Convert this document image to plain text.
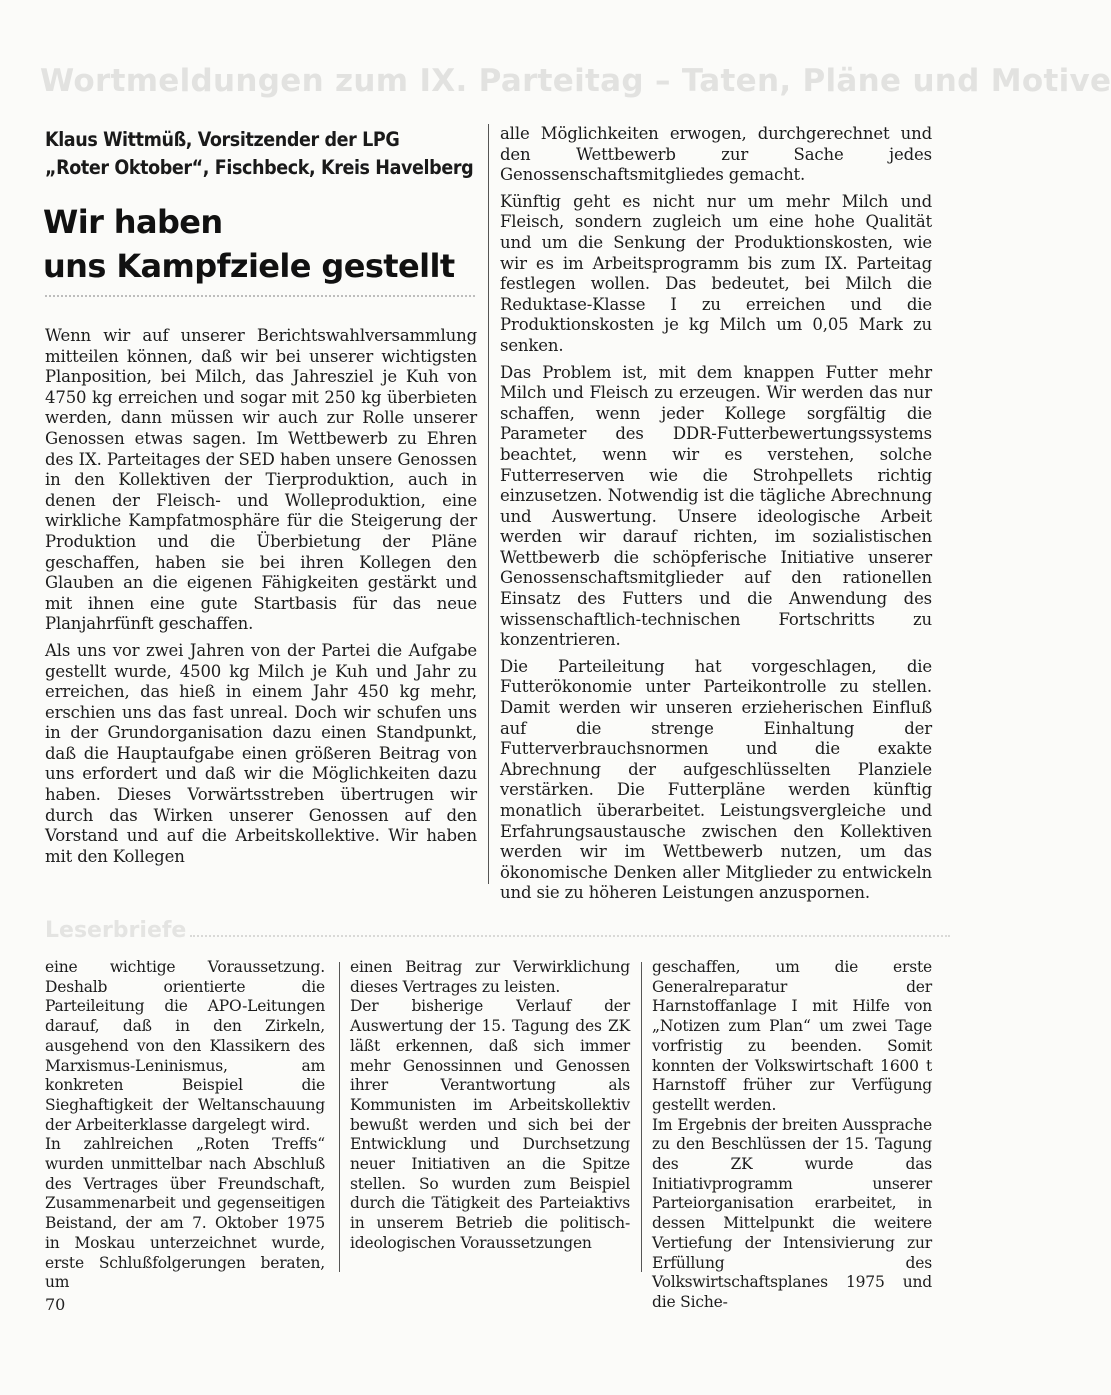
Wortmeldungen zum IX. Parteitag – Taten, Pläne und Motive
Klaus Wittmüß, Vorsitzender der LPG
„Roter Oktober“, Fischbeck, Kreis Havelberg
Wir haben
uns Kampfziele gestellt

Wenn wir auf unserer Berichtswahlversammlung mitteilen können, daß wir bei unserer wichtigsten Planposition, bei Milch, das Jahresziel je Kuh von 4750 kg erreichen und sogar mit 250 kg überbieten werden, dann müssen wir auch zur Rolle unserer Genossen etwas sagen. Im Wettbewerb zu Ehren des IX. Parteitages der SED haben unsere Genossen in den Kollektiven der Tierproduktion, auch in denen der Fleisch- und Wolleproduktion, eine wirkliche Kampfatmosphäre für die Steigerung der Produktion und die Überbietung der Pläne geschaffen, haben sie bei ihren Kollegen den Glauben an die eigenen Fähigkeiten gestärkt und mit ihnen eine gute Startbasis für das neue Planjahrfünft geschaffen.

Als uns vor zwei Jahren von der Partei die Aufgabe gestellt wurde, 4500 kg Milch je Kuh und Jahr zu erreichen, das hieß in einem Jahr 450 kg mehr, erschien uns das fast unreal. Doch wir schufen uns in der Grundorganisation dazu einen Standpunkt, daß die Hauptaufgabe einen größeren Beitrag von uns erfordert und daß wir die Möglichkeiten dazu haben. Dieses Vorwärtsstreben übertrugen wir durch das Wirken unserer Genossen auf den Vorstand und auf die Arbeitskollektive. Wir haben mit den Kollegen

alle Möglichkeiten erwogen, durchgerechnet und den Wettbewerb zur Sache jedes Genossenschaftsmitgliedes gemacht.

Künftig geht es nicht nur um mehr Milch und Fleisch, sondern zugleich um eine hohe Qualität und um die Senkung der Produktionskosten, wie wir es im Arbeitsprogramm bis zum IX. Parteitag festlegen wollen. Das bedeutet, bei Milch die Reduktase-Klasse I zu erreichen und die Produktionskosten je kg Milch um 0,05 Mark zu senken.

Das Problem ist, mit dem knappen Futter mehr Milch und Fleisch zu erzeugen. Wir werden das nur schaffen, wenn jeder Kollege sorgfältig die Parameter des DDR-Futterbewertungssystems beachtet, wenn wir es verstehen, solche Futterreserven wie die Strohpellets richtig einzusetzen. Notwendig ist die tägliche Abrechnung und Auswertung. Unsere ideologische Arbeit werden wir darauf richten, im sozialistischen Wettbewerb die schöpferische Initiative unserer Genossenschaftsmitglieder auf den rationellen Einsatz des Futters und die Anwendung des wissenschaftlich-technischen Fortschritts zu konzentrieren.

Die Parteileitung hat vorgeschlagen, die Futterökonomie unter Parteikontrolle zu stellen. Damit werden wir unseren erzieherischen Einfluß auf die strenge Einhaltung der Futterverbrauchsnormen und die exakte Abrechnung der aufgeschlüsselten Planziele verstärken. Die Futterpläne werden künftig monatlich überarbeitet. Leistungsvergleiche und Erfahrungsaustausche zwischen den Kollektiven werden wir im Wettbewerb nutzen, um das ökonomische Denken aller Mitglieder zu entwickeln und sie zu höheren Leistungen anzuspornen.

Leserbriefe

eine wichtige Voraussetzung. Deshalb orientierte die Parteileitung die APO-Leitungen darauf, daß in den Zirkeln, ausgehend von den Klassikern des Marxismus-Leninismus, am konkreten Beispiel die Sieghaftigkeit der Weltanschauung der Arbeiterklasse dargelegt wird.

In zahlreichen „Roten Treffs“ wurden unmittelbar nach Abschluß des Vertrages über Freundschaft, Zusammenarbeit und gegenseitigen Beistand, der am 7. Oktober 1975 in Moskau unterzeichnet wurde, erste Schlußfolgerungen beraten, um

einen Beitrag zur Verwirklichung dieses Vertrages zu leisten.

Der bisherige Verlauf der Auswertung der 15. Tagung des ZK läßt erkennen, daß sich immer mehr Genossinnen und Genossen ihrer Verantwortung als Kommunisten im Arbeitskollektiv bewußt werden und sich bei der Entwicklung und Durchsetzung neuer Initiativen an die Spitze stellen. So wurden zum Beispiel durch die Tätigkeit des Parteiaktivs in unserem Betrieb die politisch-ideologischen Voraussetzungen

geschaffen, um die erste Generalreparatur der Harnstoffanlage I mit Hilfe von „Notizen zum Plan“ um zwei Tage vorfristig zu beenden. Somit konnten der Volkswirtschaft 1600 t Harnstoff früher zur Verfügung gestellt werden.

Im Ergebnis der breiten Aussprache zu den Beschlüssen der 15. Tagung des ZK wurde das Initiativprogramm unserer Parteiorganisation erarbeitet, in dessen Mittelpunkt die weitere Vertiefung der Intensivierung zur Erfüllung des Volkswirtschaftsplanes 1975 und die Siche-

70
